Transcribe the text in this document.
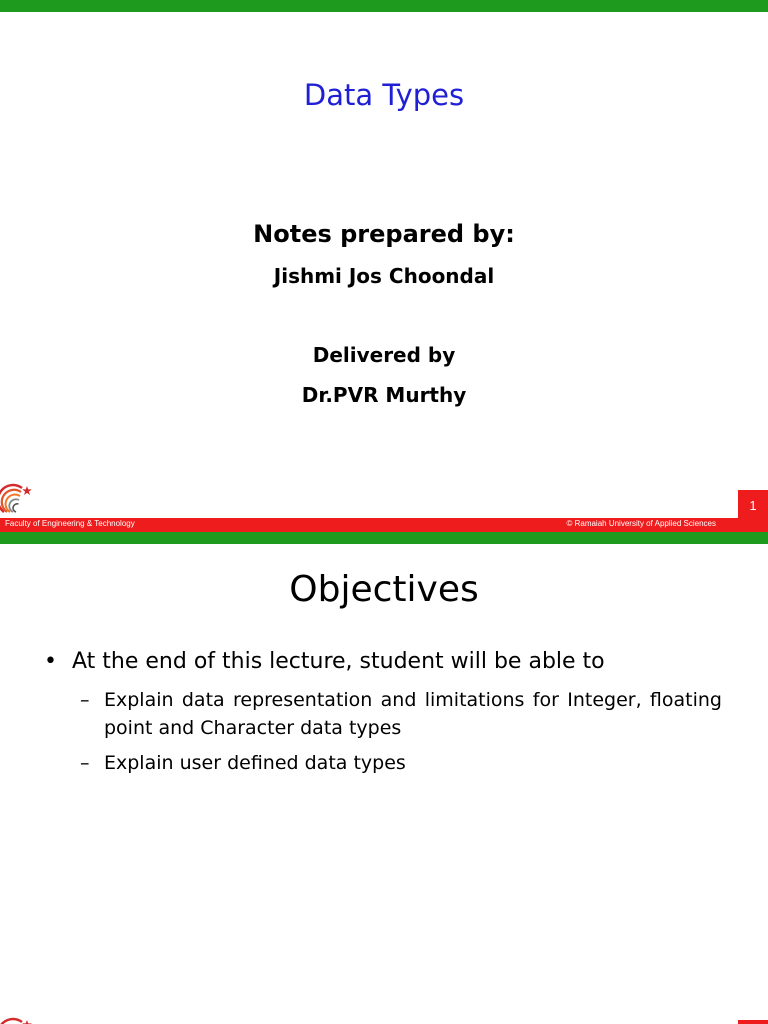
Data Types
Notes prepared by:
Jishmi Jos Choondal
Delivered by
Dr.PVR Murthy
1
Faculty of Engineering & Technology	© Ramaiah University of Applied Sciences
Objectives
• At the end of this lecture, student will be able to
– Explain data representation and limitations for Integer, floating point and Character data types
– Explain user defined data types
